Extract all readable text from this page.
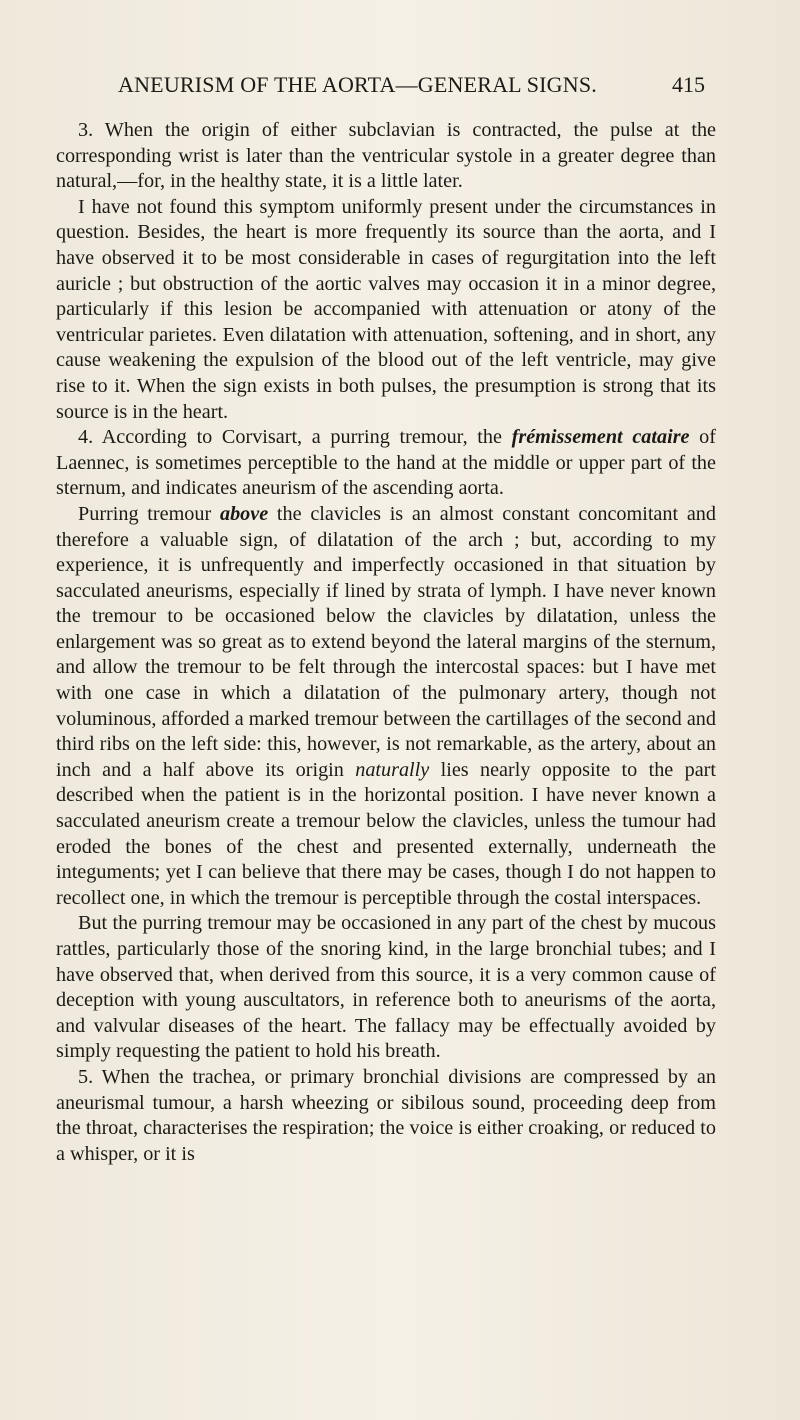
ANEURISM OF THE AORTA—GENERAL SIGNS.	415

3. When the origin of either subclavian is contracted, the pulse at the corresponding wrist is later than the ventricular systole in a greater degree than natural,—for, in the healthy state, it is a little later.

I have not found this symptom uniformly present under the circumstances in question. Besides, the heart is more frequently its source than the aorta, and I have observed it to be most considerable in cases of regurgitation into the left auricle ; but obstruction of the aortic valves may occasion it in a minor degree, particularly if this lesion be accompanied with attenuation or atony of the ventricular parietes. Even dilatation with attenuation, softening, and in short, any cause weakening the expulsion of the blood out of the left ventricle, may give rise to it. When the sign exists in both pulses, the presumption is strong that its source is in the heart.

4. According to Corvisart, a purring tremour, the frémissement cataire of Laennec, is sometimes perceptible to the hand at the middle or upper part of the sternum, and indicates aneurism of the ascending aorta.

Purring tremour above the clavicles is an almost constant concomitant and therefore a valuable sign, of dilatation of the arch ; but, according to my experience, it is unfrequently and imperfectly occasioned in that situation by sacculated aneurisms, especially if lined by strata of lymph. I have never known the tremour to be occasioned below the clavicles by dilatation, unless the enlargement was so great as to extend beyond the lateral margins of the sternum, and allow the tremour to be felt through the intercostal spaces: but I have met with one case in which a dilatation of the pulmonary artery, though not voluminous, afforded a marked tremour between the cartillages of the second and third ribs on the left side: this, however, is not remarkable, as the artery, about an inch and a half above its origin naturally lies nearly opposite to the part described when the patient is in the horizontal position. I have never known a sacculated aneurism create a tremour below the clavicles, unless the tumour had eroded the bones of the chest and presented externally, underneath the integuments; yet I can believe that there may be cases, though I do not happen to recollect one, in which the tremour is perceptible through the costal interspaces.

But the purring tremour may be occasioned in any part of the chest by mucous rattles, particularly those of the snoring kind, in the large bronchial tubes; and I have observed that, when derived from this source, it is a very common cause of deception with young auscultators, in reference both to aneurisms of the aorta, and valvular diseases of the heart. The fallacy may be effectually avoided by simply requesting the patient to hold his breath.

5. When the trachea, or primary bronchial divisions are compressed by an aneurismal tumour, a harsh wheezing or sibilous sound, proceeding deep from the throat, characterises the respiration; the voice is either croaking, or reduced to a whisper, or it is
